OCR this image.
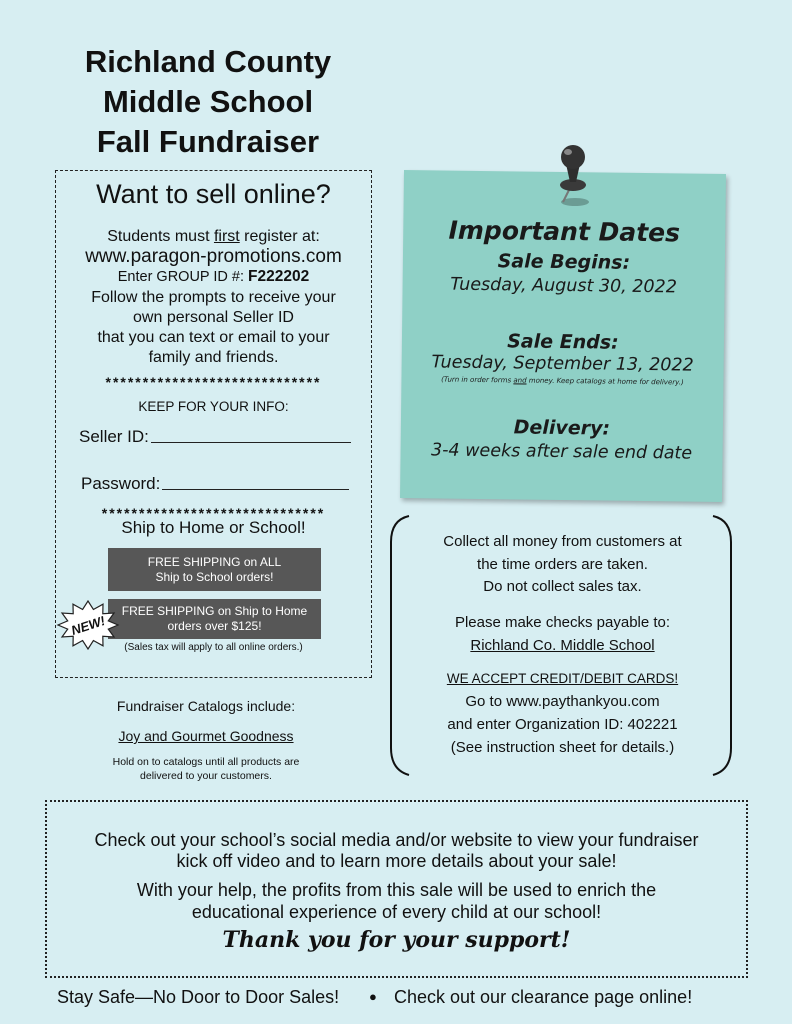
Richland County
Middle School
Fall Fundraiser
Want to sell online?
Students must first register at:
www.paragon-promotions.com
Enter GROUP ID #: F222202
Follow the prompts to receive your
own personal Seller ID
that you can text or email to your
family and friends.
*****************************
KEEP FOR YOUR INFO:
Seller ID:
Password:
******************************
Ship to Home or School!
FREE SHIPPING on ALL
Ship to School orders!
FREE SHIPPING on Ship to Home
orders over $125!
NEW!
(Sales tax will apply to all online orders.)
Fundraiser Catalogs include:
Joy and Gourmet Goodness
Hold on to catalogs until all products are
delivered to your customers.
Important Dates
Sale Begins:
Tuesday, August 30, 2022
Sale Ends:
Tuesday, September 13, 2022
(Turn in order forms and money. Keep catalogs at home for delivery.)
Delivery:
3-4 weeks after sale end date
Collect all money from customers at
the time orders are taken.
Do not collect sales tax.
Please make checks payable to:
Richland Co. Middle School
WE ACCEPT CREDIT/DEBIT CARDS!
Go to www.paythankyou.com
and enter Organization ID: 402221
(See instruction sheet for details.)
Check out your school’s social media and/or website to view your fundraiser
kick off video and to learn more details about your sale!
With your help, the profits from this sale will be used to enrich the
educational experience of every child at our school!
Thank you for your support!
Stay Safe—No Door to Door Sales! ● Check out our clearance page online!
